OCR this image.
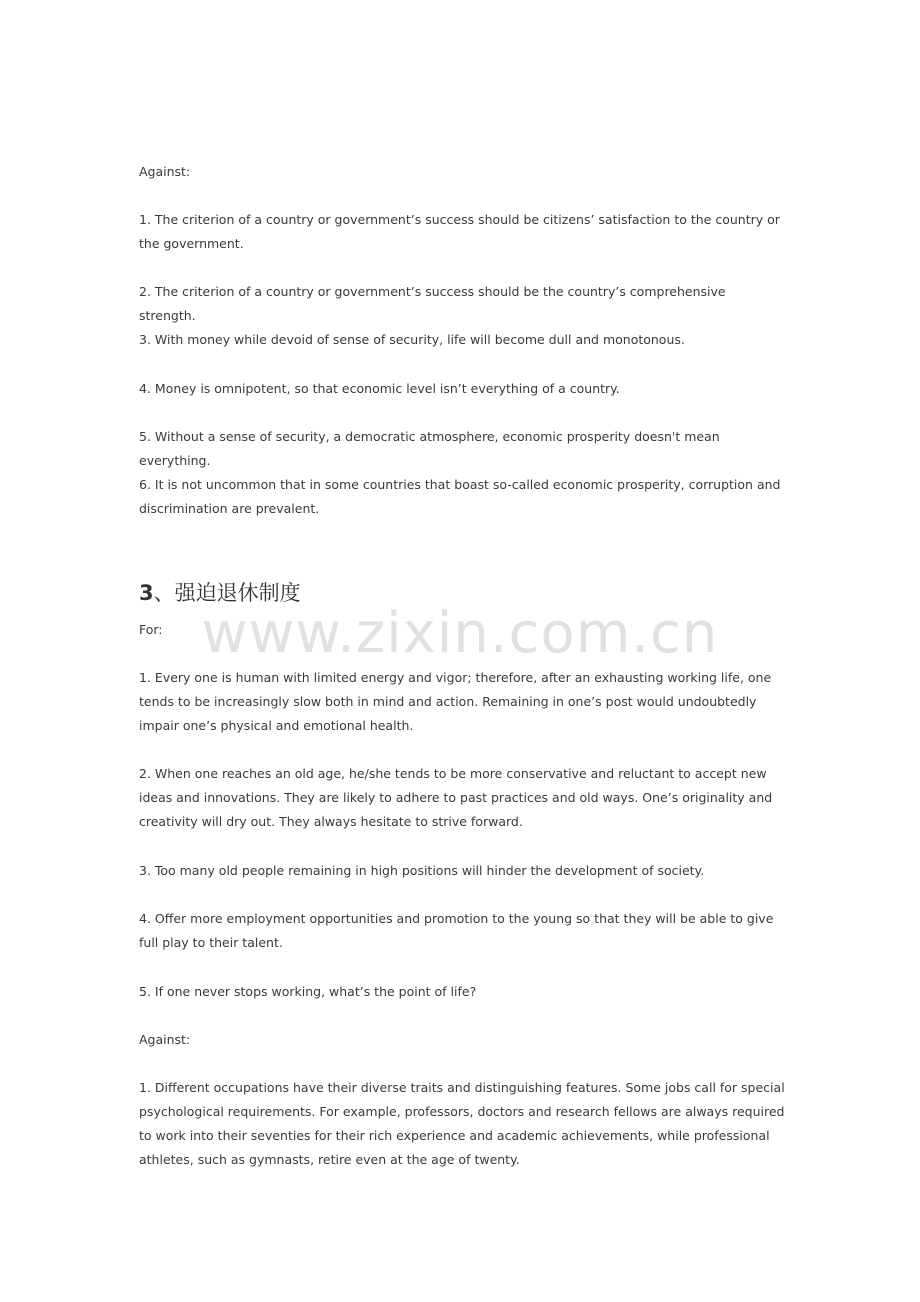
www.zixin.com.cn

Against:

1. The criterion of a country or government’s success should be citizens’ satisfaction to the country or the government.

2. The criterion of a country or government’s success should be the country’s comprehensive strength.

3. With money while devoid of sense of security, life will become dull and monotonous.

4. Money is omnipotent, so that economic level isn’t everything of a country.

5. Without a sense of security, a democratic atmosphere, economic prosperity doesn't mean everything.

6. It is not uncommon that in some countries that boast so-called economic prosperity, corruption and discrimination are prevalent.

3、强迫退休制度

For:

1. Every one is human with limited energy and vigor; therefore, after an exhausting working life, one tends to be increasingly slow both in mind and action. Remaining in one’s post would undoubtedly impair one’s physical and emotional health.

2. When one reaches an old age, he/she tends to be more conservative and reluctant to accept new ideas and innovations. They are likely to adhere to past practices and old ways. One’s originality and creativity will dry out. They always hesitate to strive forward.

3. Too many old people remaining in high positions will hinder the development of society.

4. Offer more employment opportunities and promotion to the young so that they will be able to give full play to their talent.

5. If one never stops working, what’s the point of life?

Against:

1. Different occupations have their diverse traits and distinguishing features. Some jobs call for special psychological requirements. For example, professors, doctors and research fellows are always required to work into their seventies for their rich experience and academic achievements, while professional athletes, such as gymnasts, retire even at the age of twenty.
